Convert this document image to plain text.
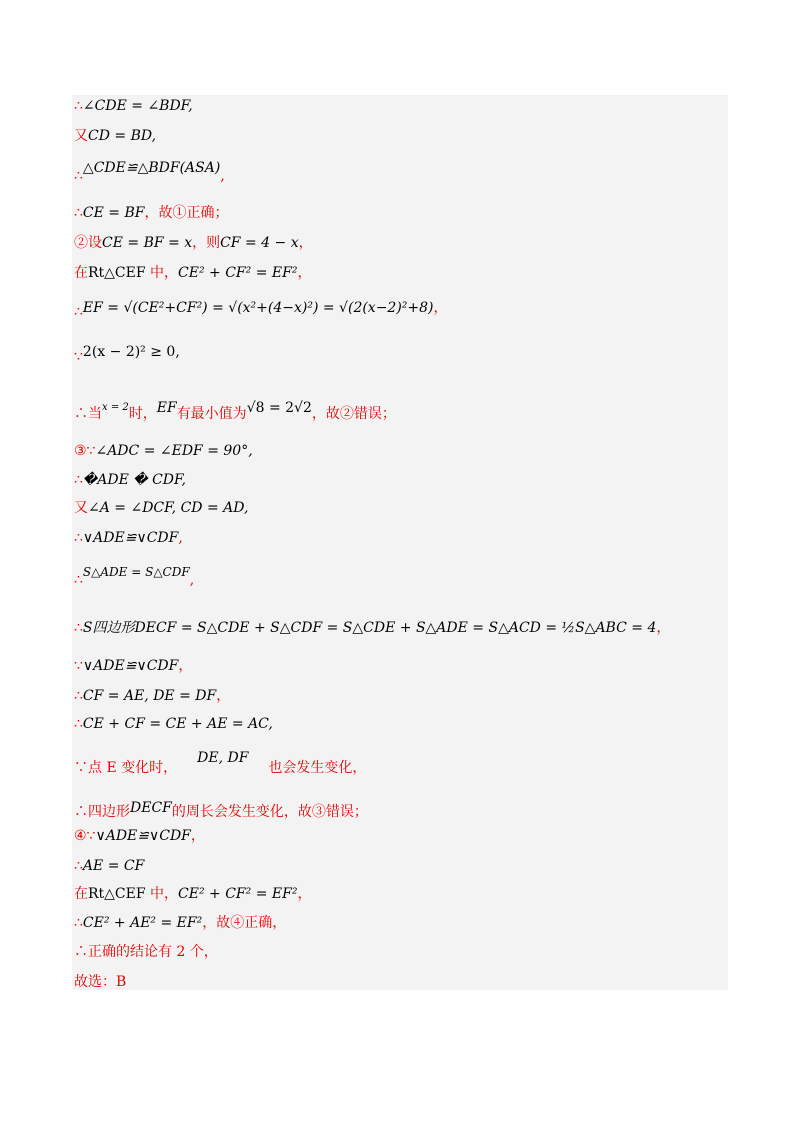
∴∠CDE = ∠BDF,
又CD = BD,
∴△CDE≌△BDF(ASA),
∴CE = BF，故①正确；
②设CE = BF = x，则CF = 4 − x，
在Rt△CEF 中，CE² + CF² = EF²，
∴EF = √(CE²+CF²) = √(x²+(4−x)²) = √(2(x−2)²+8)，
∵2(x − 2)² ≥ 0,
∴当$^{x = 2}$时，EF有最小值为√8 = 2√2，故②错误；
③∵∠ADC = ∠EDF = 90°,
∴�ADE � CDF,
又∠A = ∠DCF, CD = AD,
∴∨ADE≌∨CDF,
∴S△ADE = S△CDF,
∴S四边形DECF = S△CDE + S△CDF = S△CDE + S△ADE = S△ACD = ½S△ABC = 4，
∵∨ADE≌∨CDF，
∴CF = AE, DE = DF，
∴CE + CF = CE + AE = AC,
∵点 E 变化时，DE, DF也会发生变化，
∴四边形DECF的周长会发生变化，故③错误；
④∵∨ADE≌∨CDF，
∴AE = CF
在Rt△CEF 中，CE² + CF² = EF²，
∴CE² + AE² = EF²，故④正确，
∴正确的结论有 2 个，
故选：B
